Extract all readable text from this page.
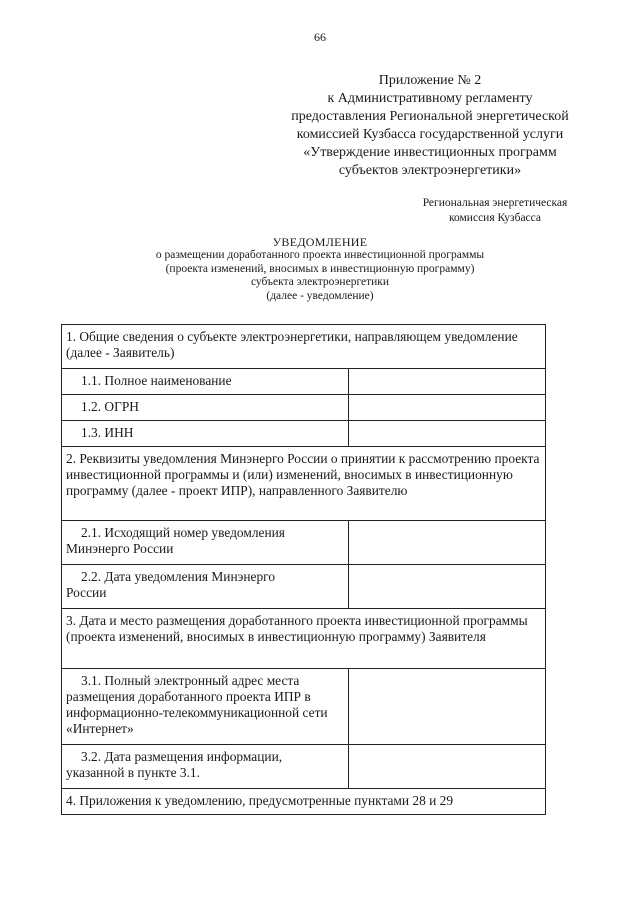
66
Приложение № 2
к Административному регламенту
предоставления Региональной энергетической
комиссией Кузбасса государственной услуги
«Утверждение инвестиционных программ
субъектов электроэнергетики»
Региональная энергетическая
комиссия Кузбасса
УВЕДОМЛЕНИЕ
о размещении доработанного проекта инвестиционной программы
(проекта изменений, вносимых в инвестиционную программу)
субъекта электроэнергетики
(далее - уведомление)
1. Общие сведения о субъекте электроэнергетики, направляющем уведомление (далее - Заявитель)	

1.1. Полное наименование	

1.2. ОГРН	

1.3. ИНН	

2. Реквизиты уведомления Минэнерго России о принятии к рассмотрению проекта инвестиционной программы и (или) изменений, вносимых в инвестиционную программу (далее - проект ИПР), направленного Заявителю	

2.1. Исходящий номер уведомления
Минэнерго России	

2.2. Дата уведомления Минэнерго
России	

3. Дата и место размещения доработанного проекта инвестиционной программы (проекта изменений, вносимых в инвестиционную программу) Заявителя	

3.1. Полный электронный адрес места
размещения доработанного проекта ИПР в информационно-телекоммуникационной сети «Интернет»	

3.2. Дата размещения информации,
указанной в пункте 3.1.	

4. Приложения к уведомлению, предусмотренные пунктами 28 и 29	
